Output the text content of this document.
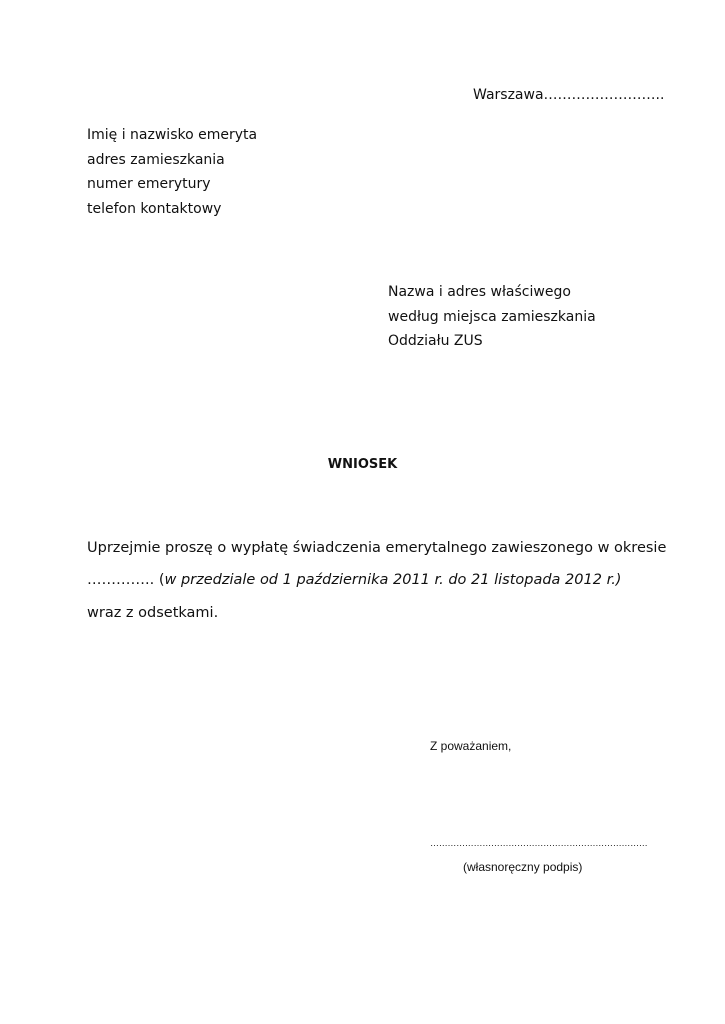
Warszawa……………………..
Imię i nazwisko emeryta
adres zamieszkania
numer emerytury
telefon kontaktowy
Nazwa i adres właściwego
według miejsca zamieszkania
Oddziału ZUS
WNIOSEK
Uprzejmie proszę o wypłatę świadczenia emerytalnego zawieszonego w okresie
………….. (w przedziale od 1 października 2011 r. do 21 listopada 2012 r.)
wraz z odsetkami.
Z poważaniem,
…………………………………………………………………
(własnoręczny podpis)
